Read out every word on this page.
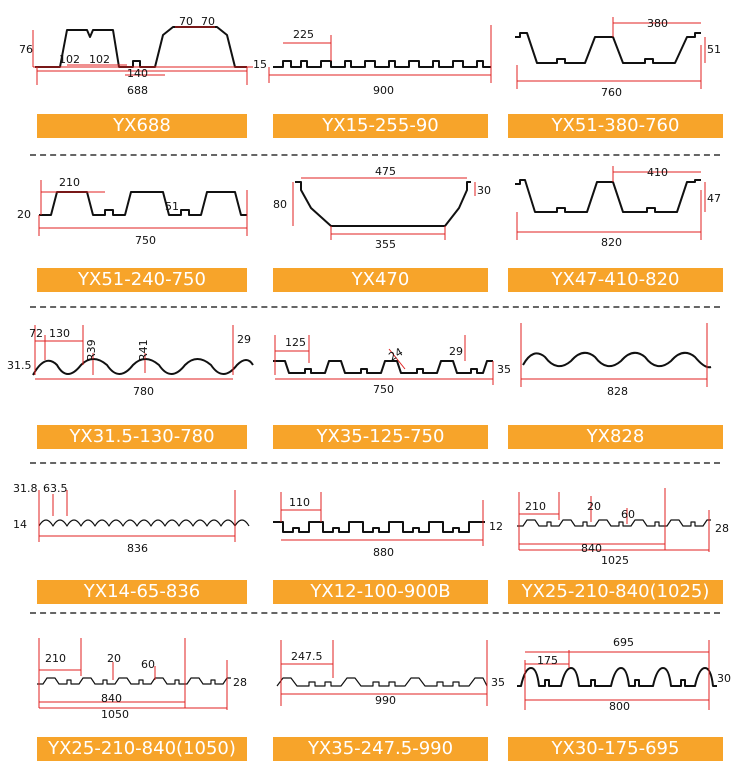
76
102 102
70 70
140
688
225
15
900
380
51
760
YX688	YX15-255-90	YX51-380-760
210
20
51
750
475
80
30
355
410
47
820
YX51-240-750	YX470	YX47-410-820
72 130
R39	R41	29
31.5
780
125
24	29
35
750	828
YX31.5-130-780	YX35-125-750	YX828
31.8 63.5
14
836
110
12
880
210	20
60
28
840
1025
YX14-65-836	YX12-100-900B	YX25-210-840(1025)
210	20 60
28
840
1050
247.5
35
990
695
175
30
800
YX25-210-840(1050)	YX35-247.5-990	YX30-175-695
